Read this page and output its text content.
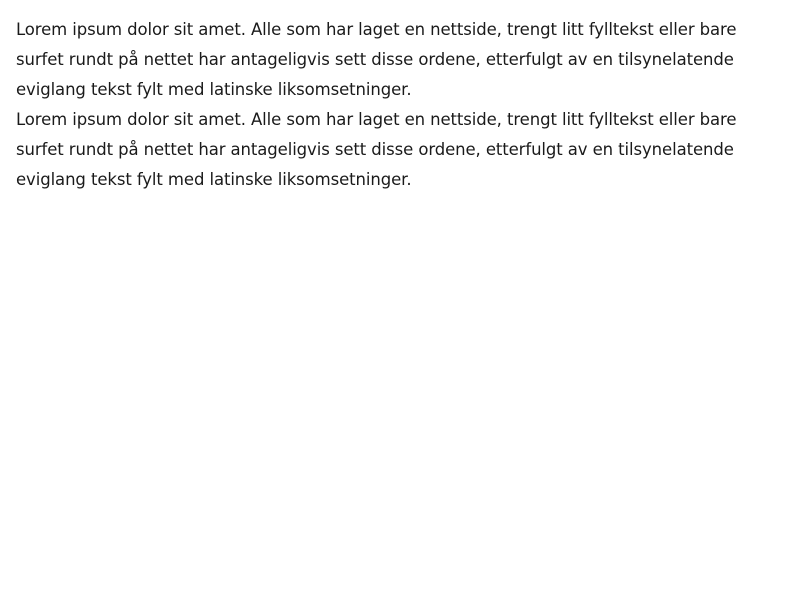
Lorem ipsum dolor sit amet. Alle som har laget en nettside, trengt litt fylltekst eller bare surfet rundt på nettet har antageligvis sett disse ordene, etterfulgt av en tilsynelatende eviglang tekst fylt med latinske liksomsetninger.

Lorem ipsum dolor sit amet. Alle som har laget en nettside, trengt litt fylltekst eller bare surfet rundt på nettet har antageligvis sett disse ordene, etterfulgt av en tilsynelatende eviglang tekst fylt med latinske liksomsetninger.
